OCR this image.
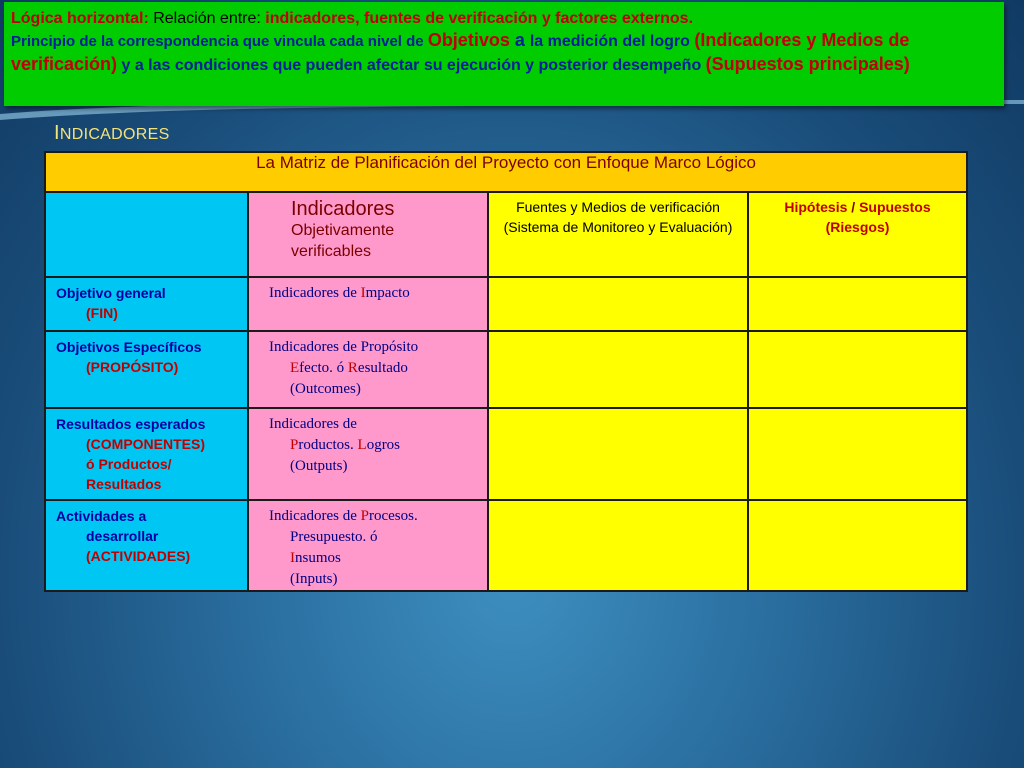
Lógica horizontal: Relación entre: indicadores, fuentes de verificación y factores externos.
Principio de la correspondencia que vincula cada nivel de Objetivos a la medición del logro (Indicadores y Medios de verificación) y a las condiciones que pueden afectar su ejecución y posterior desempeño (Supuestos principales)
INDICADORES
La Matriz de Planificación del Proyecto con Enfoque Marco Lógico			

	Indicadores
Objetivamente
verificables	Fuentes y Medios de verificación (Sistema de Monitoreo y Evaluación)	Hipótesis / Supuestos
(Riesgos)

Objetivo general
(FIN)	Indicadores de Impacto		

Objetivos Específicos
(PROPÓSITO)	Indicadores de Propósito
Efecto. ó Resultado
(Outcomes)		

Resultados esperados
(COMPONENTES)
ó Productos/
Resultados	Indicadores de
Productos. Logros
(Outputs)		

Actividades a
desarrollar
(ACTIVIDADES)	Indicadores de Procesos.
Presupuesto. ó
Insumos
(Inputs)		
